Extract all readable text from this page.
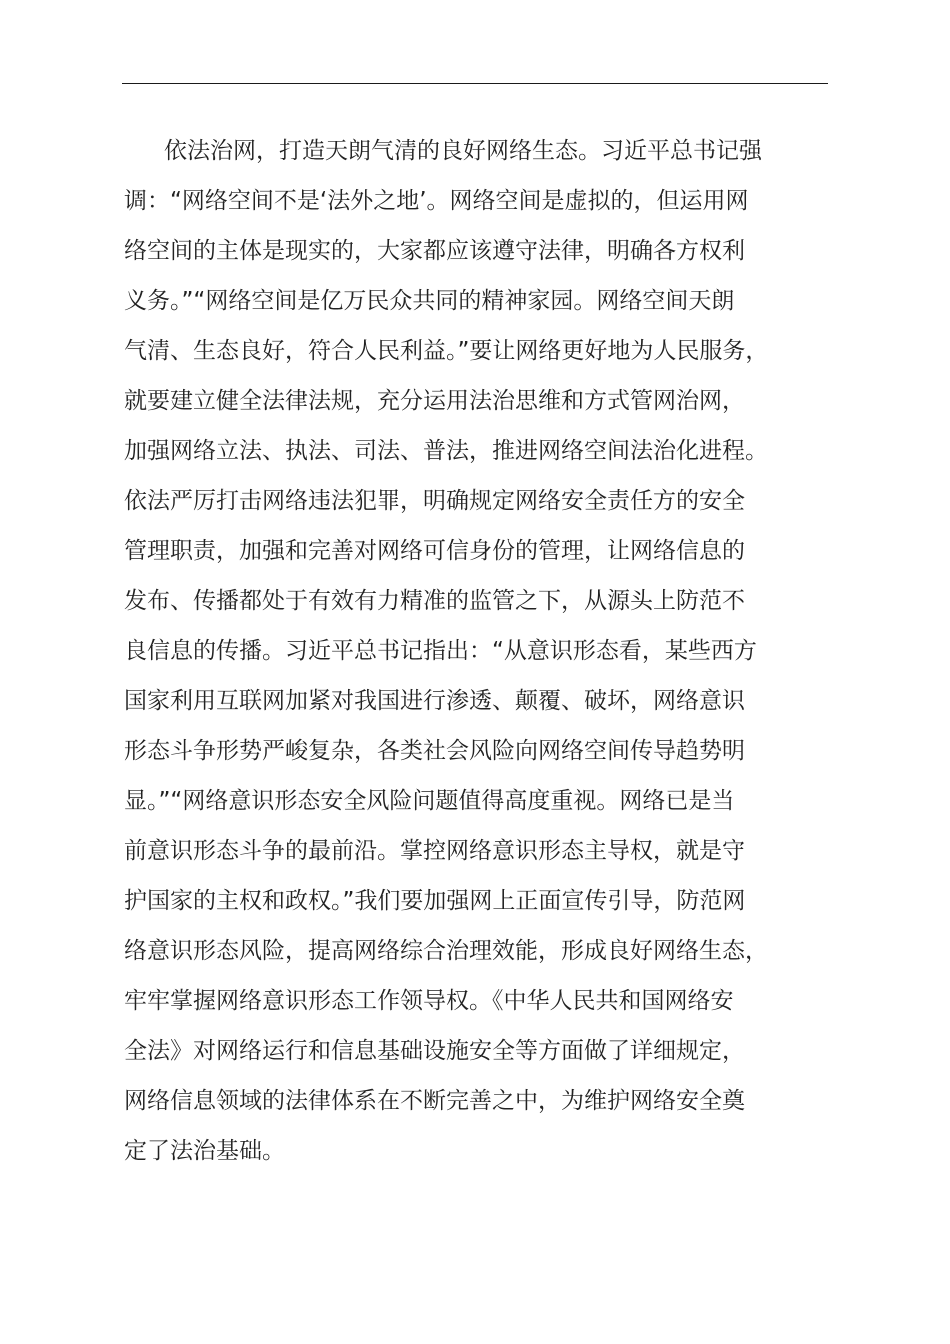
依法治网，打造天朗气清的良好网络生态。习近平总书记强
调：“网络空间不是‘法外之地’。网络空间是虚拟的，但运用网
络空间的主体是现实的，大家都应该遵守法律，明确各方权利
义务。”“网络空间是亿万民众共同的精神家园。网络空间天朗
气清、生态良好，符合人民利益。”要让网络更好地为人民服务，
就要建立健全法律法规，充分运用法治思维和方式管网治网，
加强网络立法、执法、司法、普法，推进网络空间法治化进程。
依法严厉打击网络违法犯罪，明确规定网络安全责任方的安全
管理职责，加强和完善对网络可信身份的管理，让网络信息的
发布、传播都处于有效有力精准的监管之下，从源头上防范不
良信息的传播。习近平总书记指出：“从意识形态看，某些西方
国家利用互联网加紧对我国进行渗透、颠覆、破坏，网络意识
形态斗争形势严峻复杂，各类社会风险向网络空间传导趋势明
显。”“网络意识形态安全风险问题值得高度重视。网络已是当
前意识形态斗争的最前沿。掌控网络意识形态主导权，就是守
护国家的主权和政权。”我们要加强网上正面宣传引导，防范网
络意识形态风险，提高网络综合治理效能，形成良好网络生态，
牢牢掌握网络意识形态工作领导权。《中华人民共和国网络安
全法》对网络运行和信息基础设施安全等方面做了详细规定，
网络信息领域的法律体系在不断完善之中，为维护网络安全奠
定了法治基础。
